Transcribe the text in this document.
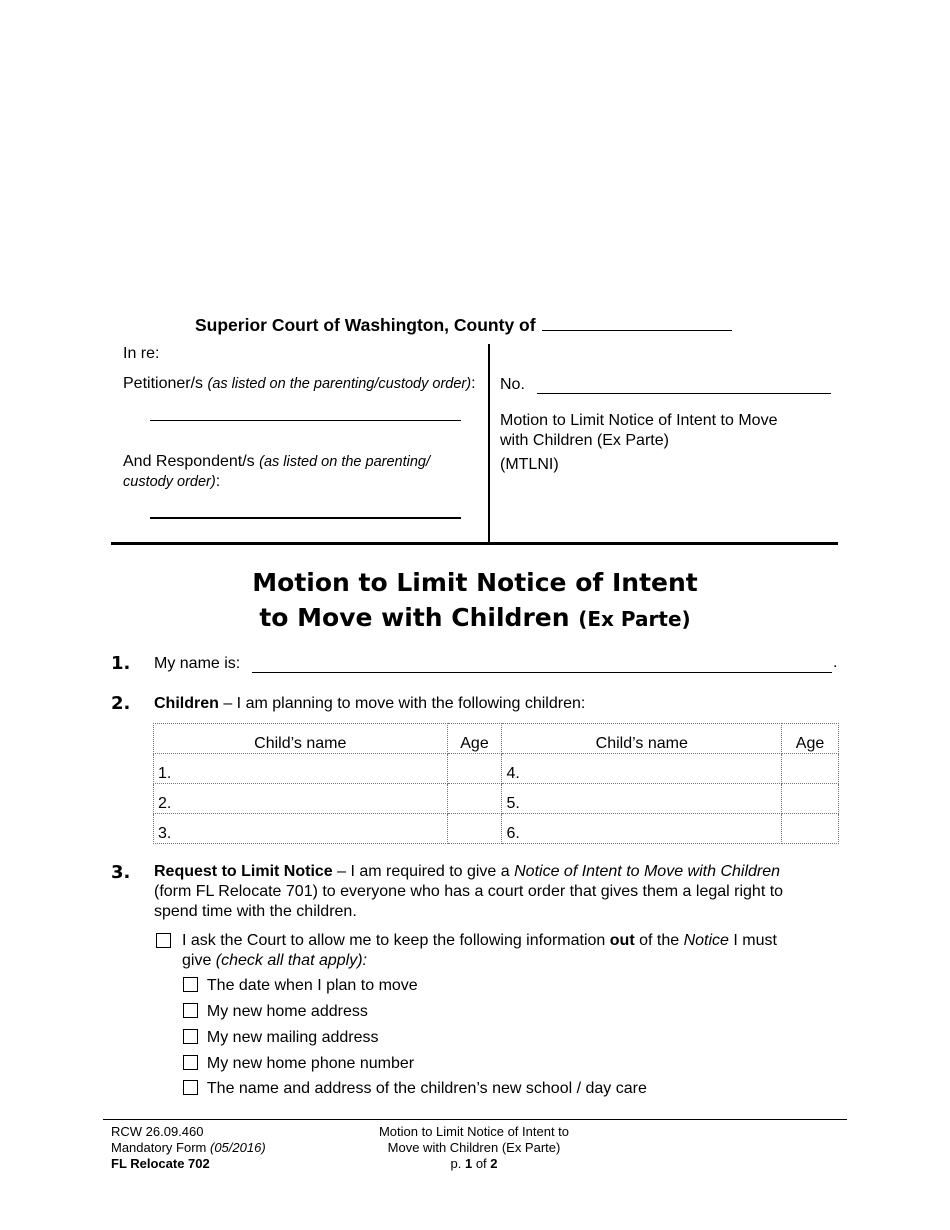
Superior Court of Washington, County of
In re:
Petitioner/s (as listed on the parenting/custody order):
And Respondent/s (as listed on the parenting/
custody order):
No.
Motion to Limit Notice of Intent to Move
with Children (Ex Parte)
(MTLNI)
Motion to Limit Notice of Intent
to Move with Children (Ex Parte)
1. My name is:	.
2. Children – I am planning to move with the following children:
Child’s name	Age	Child’s name	Age
1.		4.	
2.		5.	
3.		6.	
3. Request to Limit Notice – I am required to give a Notice of Intent to Move with Children
(form FL Relocate 701) to everyone who has a court order that gives them a legal right to
spend time with the children.
I ask the Court to allow me to keep the following information out of the Notice I must
give (check all that apply):
The date when I plan to move
My new home address
My new mailing address
My new home phone number
The name and address of the children’s new school / day care
RCW 26.09.460
Mandatory Form (05/2016)
FL Relocate 702
Motion to Limit Notice of Intent to
Move with Children (Ex Parte)
p. 1 of 2
